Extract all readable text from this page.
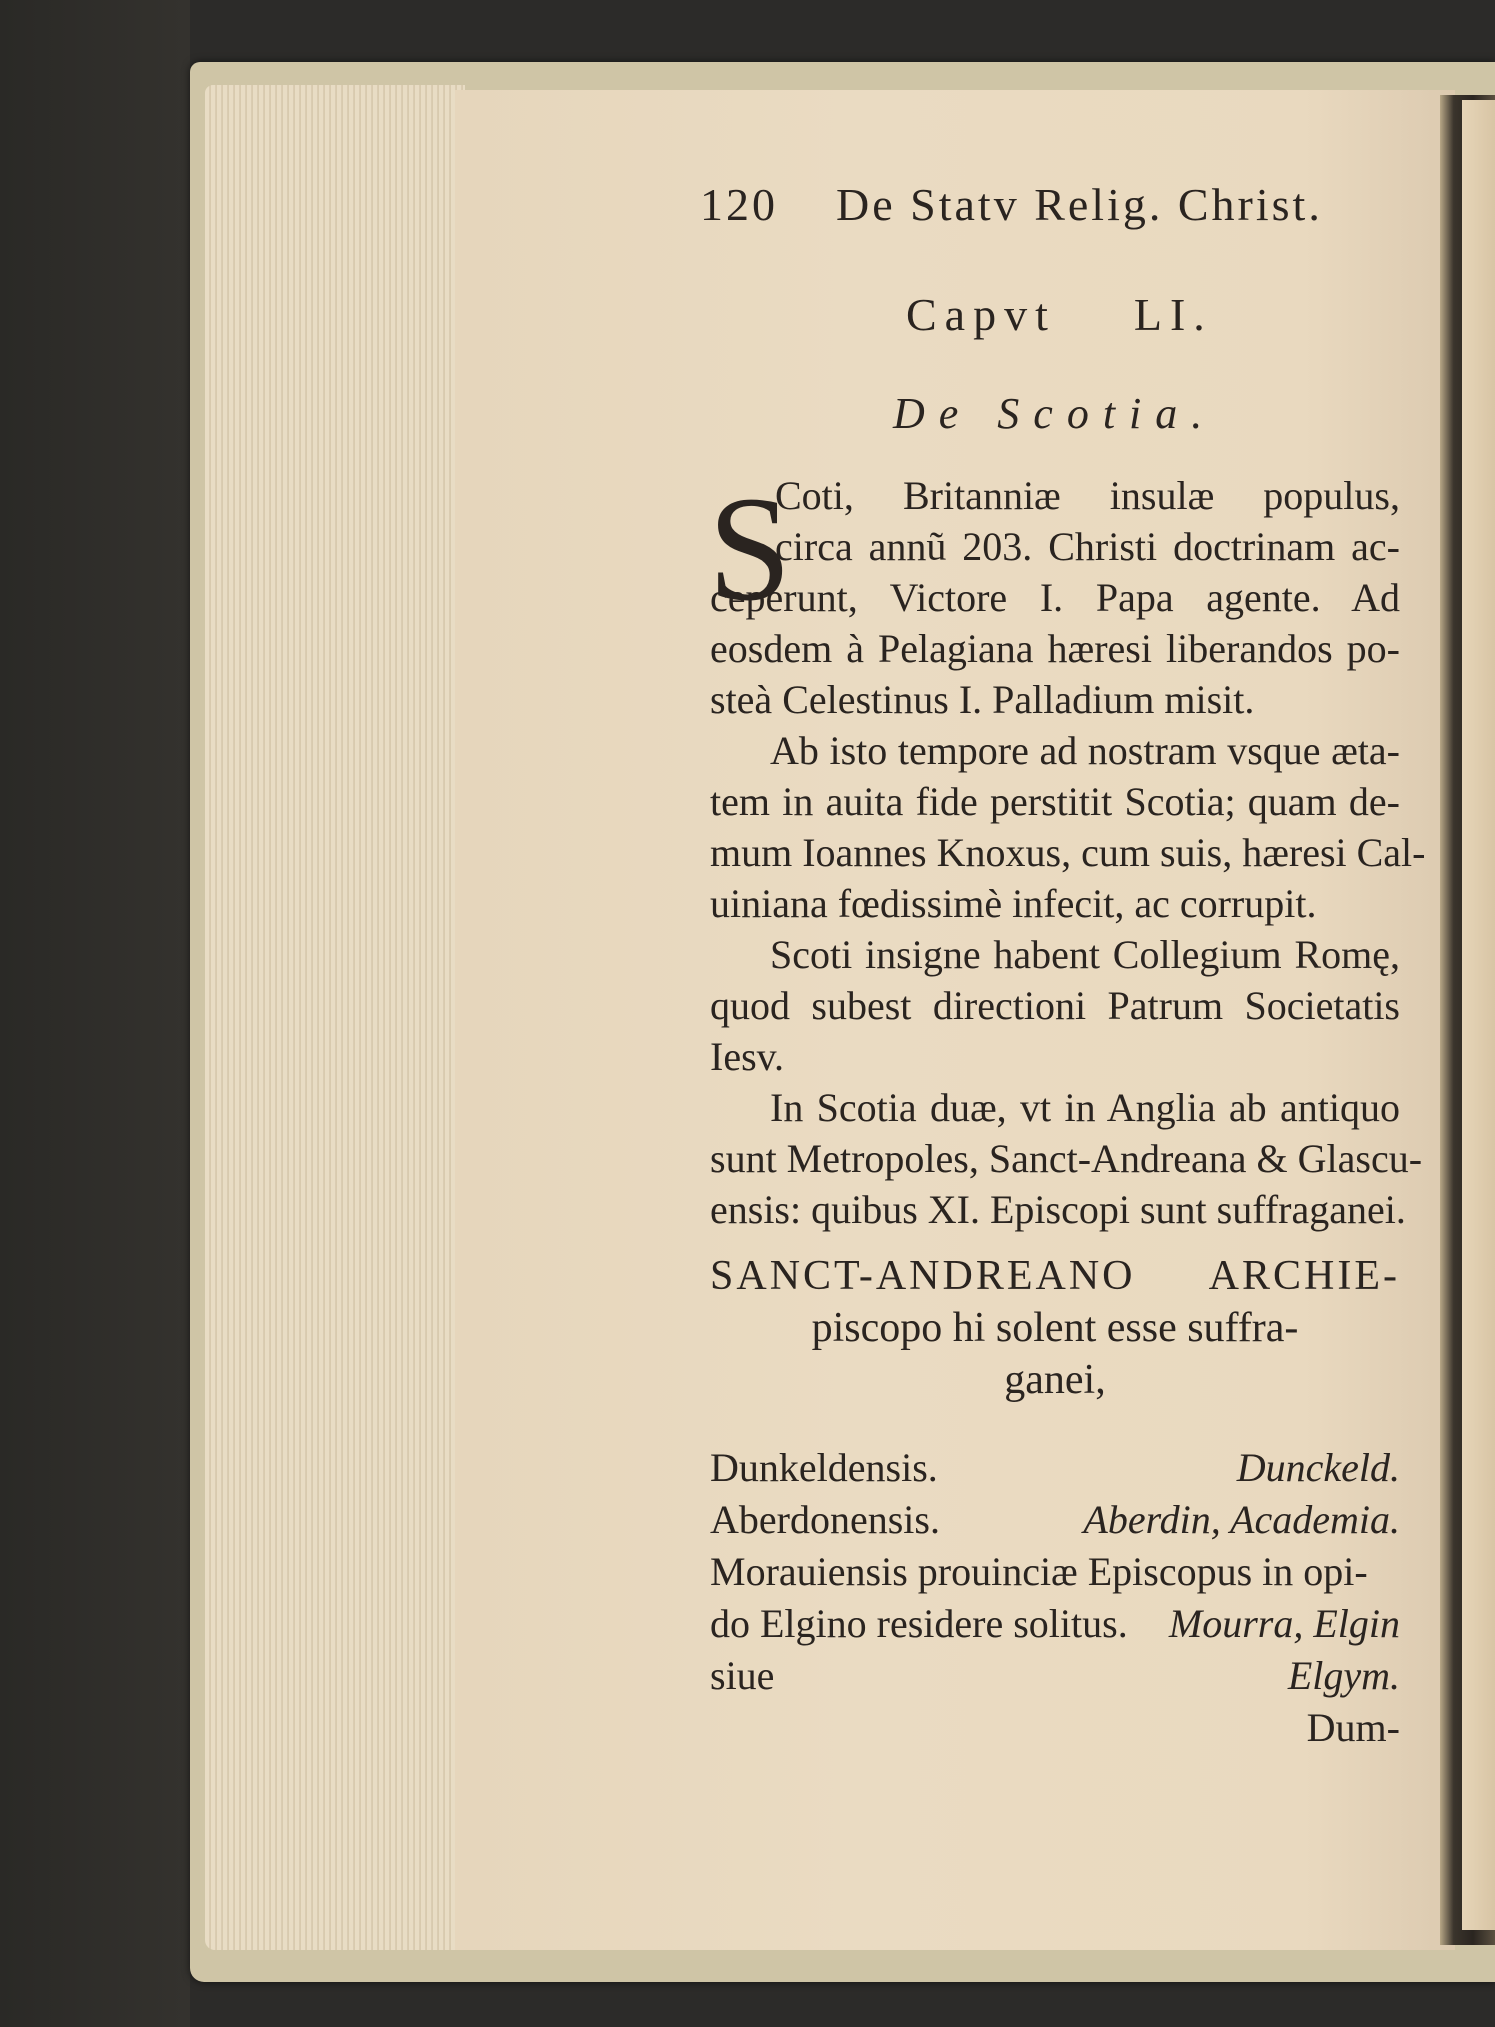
120 De Statv Relig. Christ.
Capvt LI.
De Scotia.
S
Coti, Britanniæ insulæ populus,
circa annũ 203. Christi doctrinam ac-
ceperunt, Victore I. Papa agente. Ad
eosdem à Pelagiana hæresi liberandos po-
steà Celestinus I. Palladium misit.
Ab isto tempore ad nostram vsque æta-
tem in auita fide perstitit Scotia; quam de-
mum Ioannes Knoxus, cum suis, hæresi Cal-
uiniana fœdissimè infecit, ac corrupit.
Scoti insigne habent Collegium Romę,
quod subest directioni Patrum Societatis
Iesv.
In Scotia duæ, vt in Anglia ab antiquo
sunt Metropoles, Sanct-Andreana & Glascu-
ensis: quibus XI. Episcopi sunt suffraganei.
SANCT-ANDREANO ARCHIE-
piscopo hi solent esse suffra-
ganei,
Dunkeldensis.	Dunckeld.
Aberdonensis.	Aberdin, Academia.
Morauiensis prouinciæ Episcopus in opi-
do Elgino residere solitus. Mourra, Elgin
siue	Elgym.
Dum-
